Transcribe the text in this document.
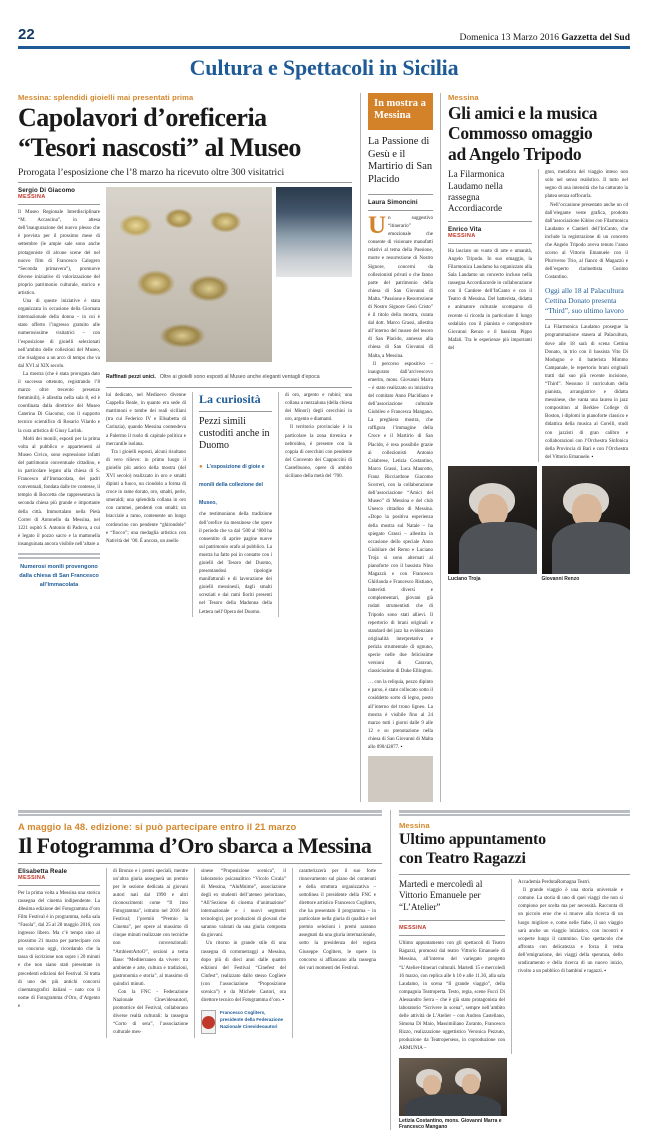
22	Domenica 13 Marzo 2016 Gazzetta del Sud
Cultura e Spettacoli in Sicilia
Messina: splendidi gioielli mai presentati prima
Capolavori d’oreficeria
“Tesori nascosti” al Museo
Prorogata l’esposizione che l’8 marzo ha ricevuto oltre 300 visitatrici
Sergio Di Giacomo
MESSINA

Il Museo Regionale Interdisciplinare “M. Accascina”, in attesa dell’inaugurazione del nuovo plesso che è prevista per il prossimo mese di settembre (le ampie sale sono anche protagoniste di alcune scene del nel nuovo film di Francesco Calogero “Seconda primavera”), promuove diverse iniziative di valorizzazione del proprio patrimonio culturale, storico e artistico.

Una di queste iniziative è stata organizzata in occasione della Giornata internazionale della donna – in cui è stato offerto l’ingresso gratuito alle numerosissime visitatrici – con l’esposizione di gioielli selezionati nell’ambito delle collezioni del Museo, che risalgono a un arco di tempo che va dal XVI al XIX secolo.

La mostra (che è stata prorogata dato il successo ottenuto, registrando l’8 marzo oltre trecento presenze femminili), è allestita nella sala 8, ed è coordinata dalla direttrice del Museo Caterina Di Giacomo, con il supporto tecnico scientifico di Rosario Vilardo e la cura artistica di Giusy Larìnk.

Molti dei monili, esposti per la prima volta al pubblico e appartenenti al Museo Civico, sono espressione infatti del patrimonio conventuale cittadino, e in particolare legato alla chiesa di S. Francesco all’Immacolata, dei padri conventuali, fondata dalle tre contesse, il tempio di Boccetta che rappresentava la seconda chiesa più grande e importante della città. Immortalato nella Pietà Correr di Antonello da Messina, nel 1221 ospitò S. Antonio di Padova, a cui è legato il pozzo sacro e la mattonella insanguinata ancora visibile nell’altare a

Numerosi monili provengono dalla chiesa di San Francesco all’Immacolata
Raffinati pezzi unici. Oltre ai gioielli sono esposti al Museo anche eleganti ventagli d’epoca

lui dedicato, nel Medioevo divenne Cappella Reale, in quanto era sede di matrimoni e tombe dei reali siciliani (tra cui Federico IV e Elisabetta di Carinzia), quando Messina contendeva a Palermo il ruolo di capitale politica e mercantile isolana.

Tra i gioielli esposti, alcuni risultano di vero rilievo: in primo luogo il gioiello più antico della mostra (del XVI secolo) realizzato in oro e smalti dipinti a fuoco, un ciondolo a forma di croce in rame dorato, oro, smalti, perle, smeraldi; una splendida collana in oro con cammei, pendenti con smalti; un bracciale a ramo, contenente un lungo cordoncino con pendente “ghirondole” e “fiocco”; una medaglia artistica con Natività del ’00. È ancora, un anello

La curiosità
Pezzi simili custoditi anche in Duomo
● L’esposizione di gioie e monili della collezione del Museo,

che testimoniano della tradizione dell’orefice ria messinese che opere il periodo che va dal ‘500 al ‘800 ha consentito di aprire pagine nuove sul patrimonio orafo al pubblico. La mostra ha fatto poi in contatto con i gioielli del Tesoro del Duomo, presentandosi tipologie manifatturali e di lavorazione dei gioielli messinesiì, dagli smalti screziati e dai rami fioriti presenti nel Tesoro della Madonna della Lettera nell’Opera del Duomo.

di oro, argento e rubini; una collana a mezzaluna (della chiesa dei Minori) degli orecchini in oro, argento e diamanti.

Il territorio provinciale è in particolare la zona tirrenica e nebroidea, è presente con la coppia di orecchini con pendente del Convento dei Cappuccini di Castelbuono, opere di ambito siciliano della metà del ‘700.

In mostra a Messina
La Passione di Gesù e il Martirio di San Placido
Laura Simoncini

Un suggestivo “itinerario” emozionale che consente di visionare manufatti relativi al tema della Passione, morte e resurrezione di Nostro Signore, concerni da collezionisti privati o che fanno parte del patrimonio della chiesa di San Giovanni di Malta. “Passione e Resurrezione di Nostro Signore Gesù Cristo” è il titolo della mostra, curata dal dott. Marco Grassi, allestita all’interno del museo del tesoro di San Placido, annesso alla chiesa di San Giovanni di Malta, a Messina.

Il percorso espositivo – inaugurato dall’arcivescovo emerito, mons. Giovanni Marra – è stato realizzato su iniziativa del comitato Anno Placidiano e dell’associazione culturale Giubileo e Francesca Mangano. La preghiera mostra, che raffigura l’immagine della Croce e il Martirio di San Placido, è resa possibile grazie ai collezionisti Antonio Calabrese, Letizia Costantino, Marco Grassi, Luca Maurotto, Franz Ricciardone Giacomo Scorreri, con la collaborazione dell’associazione “Amici del Museo” di Messina e del club Unesco cittadino di Messina. «Dopo la positiva esperienza della mostra sul Natale – ha spiegato Grassi – allestita in occasione dello speciale Anno Giubilare del Remo e Luciano Troja si sono alternati al pianoforte con il bassista Nino Magazzù e con Francesco Ghirlanda e Francesco Ristiano, batteristi diversi e complementari, giovani già rodati strumentisti che di Tripodo sono stati allievi. Il repertorio di brani originali e standard del jazz ha evidenziato originalità interpretativa e perizia strumentale di ognuno, specie nelle due felicissime versioni di Caravan, classicissimo di Duke Ellington.

… con la reliquia, pezzo dipinto e parso, è stato collocato sotto il cosiddetto sorto di legno, posto all’interno del trono ligneo. La mostra è visibile fino al 24 marzo tutti i giorni dalle 9 alle 12 e su prenotazione nella chiesa di San Giovanni di Malta allo 090/42877. ▪

Messina
Gli amici e la musica
Commosso omaggio
ad Angelo Tripodo
La Filarmonica Laudamo nella rassegna Accordiacorde
Enrico Vita
MESSINA

Ha lasciato un vuoto di arte e umanità, Angelo Tripodo. In suo omaggio, la Filarmonica Laudamo ha organizzato alla Sala Laudamo un concerto incluso nella rassegna Accordiacorde in collaborazione con il Cantiere dell’InCanto e con il Teatro di Messina. Del batterista, didatta e animatore culturale scomparso di recente si ricorda in particolare il lungo sodalizio con il pianista e compositore Giovanni Renzo e il bassista Pippo Mafali. Tra le esperienze più importanti del

gton, metafora del viaggio inteso non solo nel senso realistico. Il tutto nel segno di una intensità che ha catturato la platea senza soffocarla.

Nell’occasione presentato anche un cd dall’elegante veste grafica, prodotto dall’associazione Kiklos con Filarmonica Laudamo e Cantieri dell’InCanto, che include la registrazione di un concerto che Angelo Tripodo aveva tenuto l’anno scorso al Vittorio Emanuele con il Pluriverso Trio, al fianco di Magazzù e dell’esperto clarinettista Cosimo Costantino.

Oggi alle 18 al Palacultura Cettina Donato presenta “Third”, suo ultimo lavoro

La Filarmonica Laudamo prosegue la programmazione stasera al Palacultura, dove alle 18 sarà di scena Cettina Donato, in trio con il bassista Vito Di Modugno e il batterista Mimmo Campanale, le repertorio brani originali tratti dal suo più recente incisione, “Third”. Nessuno il curriculum della pianista, arrangiatrice e didatta messinese, che vanta una laurea in jazz composition al Berklee College di Boston, i diplomi in pianoforte classico e didattica della musica al Corelli, studi con jazzisti di gran calibro e collaborazioni con l’Orchestra Sinfonica della Provincia di Bari e con l’Orchestra del Vittorio Emanuele. ▪

Luciano Troja	Giovanni Renzo
A maggio la 48. edizione: si può partecipare entro il 21 marzo
Il Fotogramma d’Oro sbarca a Messina
Elisabetta Reale
MESSINA

Per la prima volta a Messina una storica rassegna del cinema indipendente. La 48esima edizione del Fotogramma d’oro Film Festival è in programma, nella sala “Fasola”, dal 25 al 28 maggio 2016, con ingresso libero. Ma c’è tempo sino al prossimo 21 marzo per partecipare con un concorso oggi, ricordando che la tassa di iscrizione non sopre i 20 minuti e che non siano stati presentate in precedenti edizioni del Festival. Si tratta di uno dei più antichi concorsi cinematografici italiani – nato con il nome di Fotogramma d’Oro, d’Argento e

di Bronzo e i premi speciali, mentre un’altra giuria assegnerà un premio per le sezione dedicata ai giovani autori nati dal 1990 e altri riconoscimenti come “Il 1mo Fotogramma”, istituito nel 2016 del Festival; l’premiò “Premio la Cinema”, per opere al massimo di cinque minuti realizzate con tecniche non convenzionali: “AmbientArtoO”, sezioni a tema Base: “Mediterraneo da vivere: tra ambiente e arte, cultura e tradizioni, gastronomia e storia”, al massimo di quindici minuti.

Con la FNC - Federazione Nazionale Cinevideoautori, promotrice del Festival, collaborano diverse realtà culturali: la rassegna “Corto di sera”, l’associazione culturale mes-

sinese “Proposizione scenica”, il laboratorio psicanalitico “Vicolo Cicala” di Messina, “AluMnime”, associazione degli ex studenti dell’ateneo peloritano, “All’Sezione di cinema d’animazione” internazionale e i nuovi segmenti tecnologici, per produzioni di giovani che saranno valutati da una giuria composta da giovani.

Un ritorno in grande stile di una rassegna di cortometraggi a Messina, dopo più di dieci anni dalle quattro edizioni del Festival “Cinefest del Cinfest”, realizzato dallo stesso Cogliere (con l’associazione “Proposizione scenica”) e da Michele Castori, ora direttore tecnico del Fotogramma d’oro. ▪

Francesco Cogliters, presidente della Federazione Nazionale Cinevideoautori

caratterizzerà per il suo forte rinnovamento sul piano dei contenuti e della struttura organizzativa – sottolinea il presidente della FNC e direttore artistico Francesco Cogliters, che ha presentato il programma – in particolare nella giuria di qualità e nel premio selezioni i premi saranno assegnati da una giuria internazionale, sotto la presidenza del regista Giuseppe Cogliters, le opere in concorso si affiancano alla rassegna dei vari momenti del Festival.

Messina
Ultimo appuntamento
con Teatro Ragazzi
Martedì e mercoledì al Vittorio Emanuele per “L’Atelier”
MESSINA

Ultimo appuntamento con gli spettacoli di Teatro Ragazzi, promossi dal teatro Vittorio Emanuele di Messina, all’interno del variegato progetto “L’Atelier-Itinerari culturali. Martedì 15 e mercoledì 16 marzo, con replica alle h 10 e alle 11.30, alla sala Laudamo, in scena “Il grande viaggio”, della compagnia Teatroperta. Testo, regia, scene Fucci Di Alessandro Serra – che è già stato protagonista del laboratorio “Scrivere in scena”, sempre nell’ambito delle attività de L’Atelier – con Andrea Castellano, Simona Di Maio, Massimiliano Zoranto, Francesco Rizzo, realizzazione oggettistico Veronica Pezzuto, produzione da Teatroperseus, in coproduzione con ARMUNIA –

Accademia PerdutaRomagna Teatri.

Il grande viaggio è una storia universale e comune. La storia di uno di quei viaggi che non si compiono per scelta ma per necessità. Racconta di un piccolo eroe che si muove alla ricerca di un luogo migliore e, come nelle fiabe, il suo viaggio sarà anche un viaggio iniziatico, con incontri e scoperte lungo il cammino. Uno spettacolo che affronta con delicatezza e forza il tema dell’emigrazione, dei viaggi della speranza, dello sradicamento e della ricerca di un nuovo inizio, rivolto a un pubblico di bambini e ragazzi. ▪

Letizia Costantino, mons. Giovanni Marra e Francesco Mangano
